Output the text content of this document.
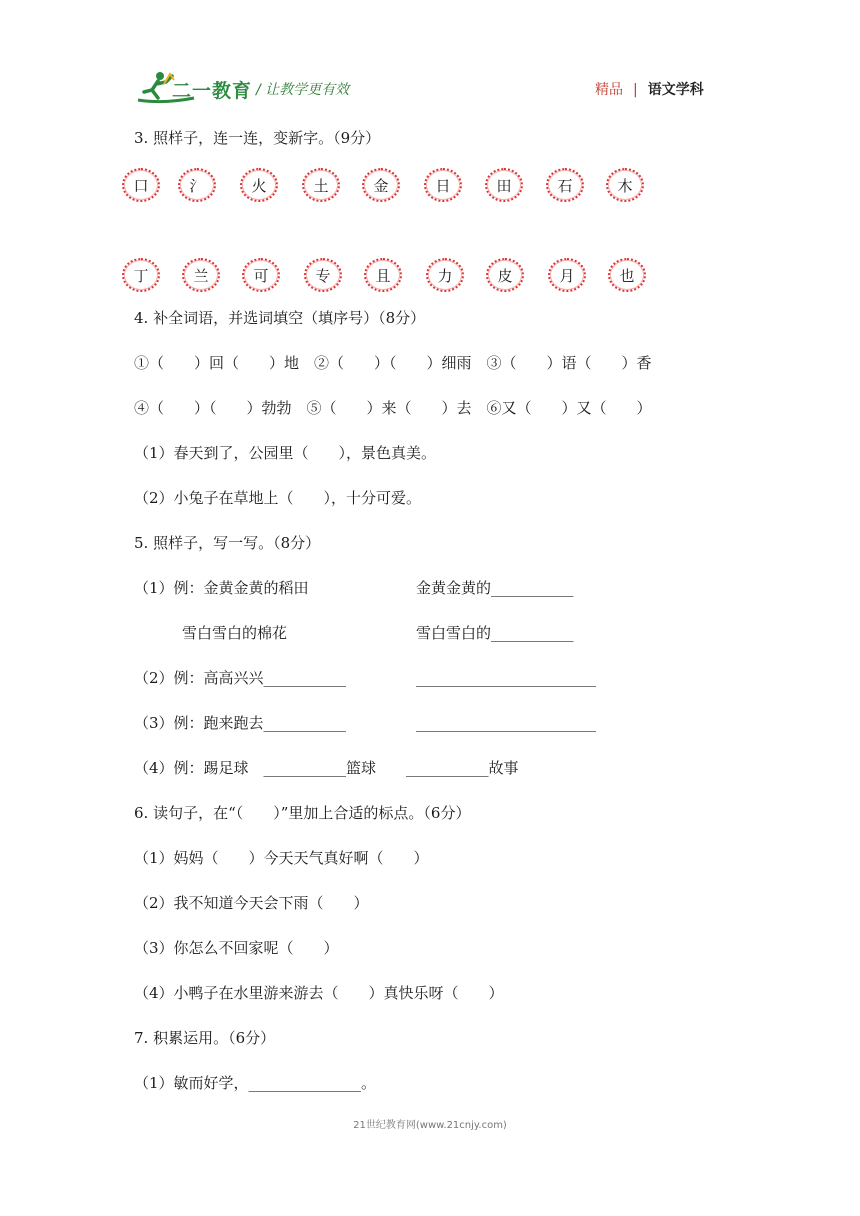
二一教育 / 让教学更有效	精品 | 语文学科
3. 照样子，连一连，变新字。（9分）
口	氵	火	土	金	日	田	石	木
丁	兰	可	专	且	力	皮	月	也
4. 补全词语，并选词填空（填序号）（8分）
①（　　）回（　　）地　②（　　）（　　）细雨　③（　　）语（　　）香
④（　　）（　　）勃勃　⑤（　　）来（　　）去　⑥又（　　）又（　　）
（1）春天到了，公园里（　　），景色真美。
（2）小兔子在草地上（　　），十分可爱。
5. 照样子，写一写。（8分）
（1）例：金黄金黄的稻田	金黄金黄的___________
雪白雪白的棉花	雪白雪白的___________
（2）例：高高兴兴___________	________________________
（3）例：跑来跑去___________	________________________
（4）例：踢足球　___________篮球　　___________故事
6. 读句子，在“（　　）”里加上合适的标点。（6分）
（1）妈妈（　　）今天天气真好啊（　　）
（2）我不知道今天会下雨（　　）
（3）你怎么不回家呢（　　）
（4）小鸭子在水里游来游去（　　）真快乐呀（　　）
7. 积累运用。（6分）
（1）敏而好学，_______________。
21世纪教育网(www.21cnjy.com)
